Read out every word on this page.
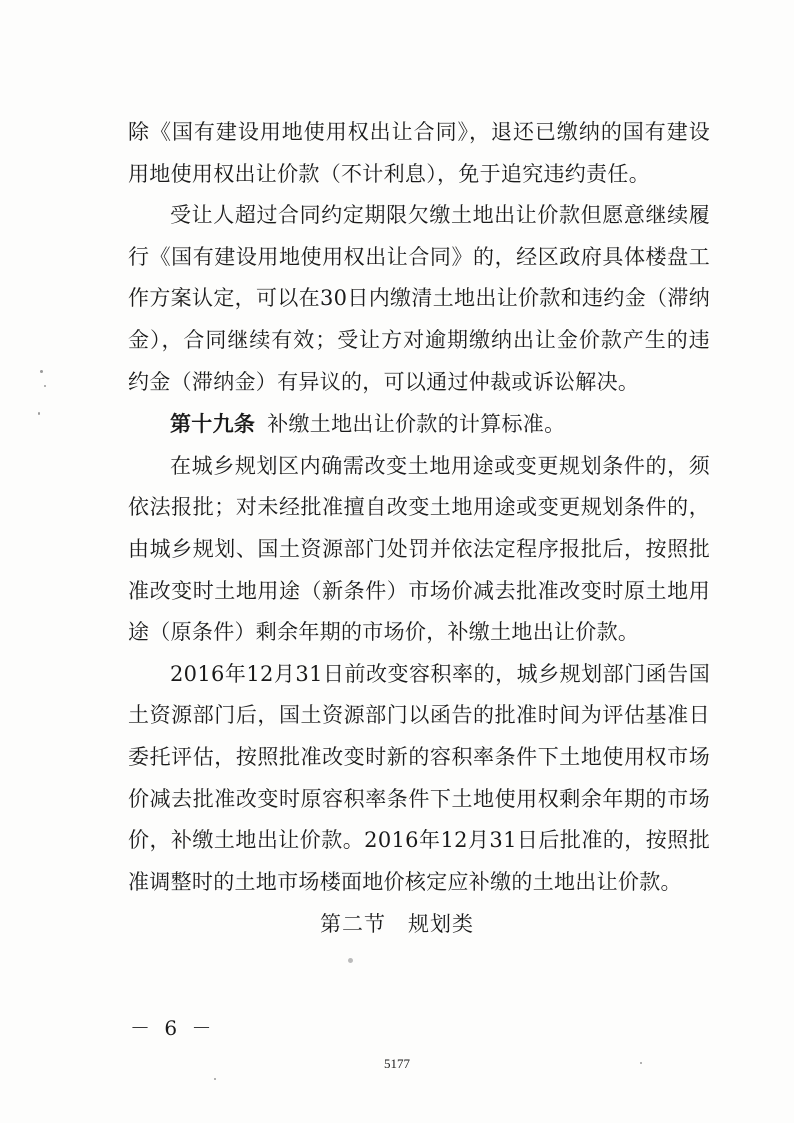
除《国有建设用地使用权出让合同》，退还已缴纳的国有建设用地使用权出让价款（不计利息），免于追究违约责任。

受让人超过合同约定期限欠缴土地出让价款但愿意继续履行《国有建设用地使用权出让合同》的，经区政府具体楼盘工作方案认定，可以在30日内缴清土地出让价款和违约金（滞纳金），合同继续有效；受让方对逾期缴纳出让金价款产生的违约金（滞纳金）有异议的，可以通过仲裁或诉讼解决。

第十九条 补缴土地出让价款的计算标准。

在城乡规划区内确需改变土地用途或变更规划条件的，须依法报批；对未经批准擅自改变土地用途或变更规划条件的，由城乡规划、国土资源部门处罚并依法定程序报批后，按照批准改变时土地用途（新条件）市场价减去批准改变时原土地用途（原条件）剩余年期的市场价，补缴土地出让价款。

2016年12月31日前改变容积率的，城乡规划部门函告国土资源部门后，国土资源部门以函告的批准时间为评估基准日委托评估，按照批准改变时新的容积率条件下土地使用权市场价减去批准改变时原容积率条件下土地使用权剩余年期的市场价，补缴土地出让价款。2016年12月31日后批准的，按照批准调整时的土地市场楼面地价核定应补缴的土地出让价款。

第二节 规划类
－ 6 －
5177
